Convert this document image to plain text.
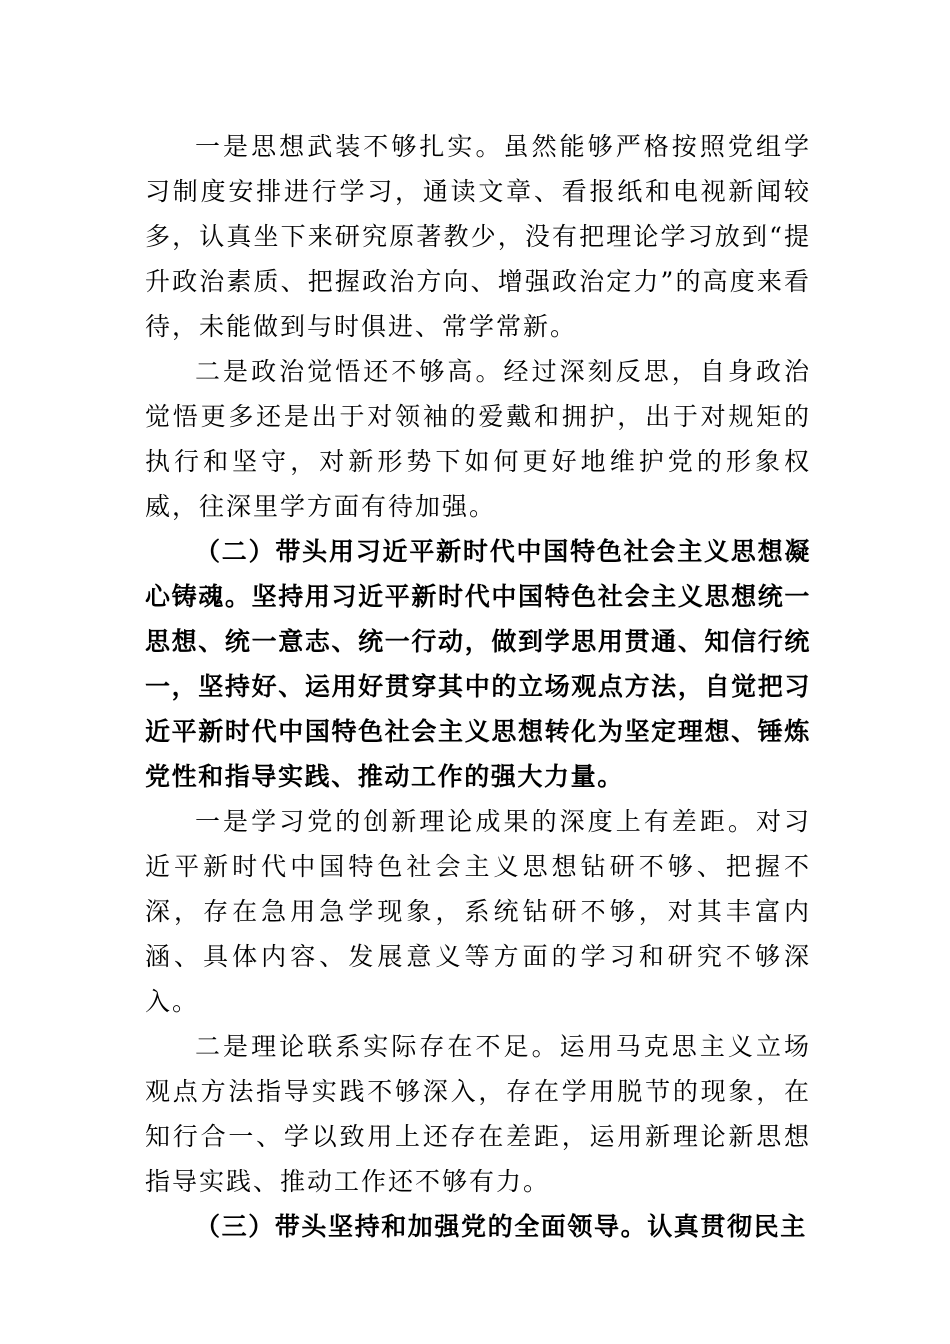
一是思想武装不够扎实。虽然能够严格按照党组学习制度安排进行学习，通读文章、看报纸和电视新闻较多，认真坐下来研究原著教少，没有把理论学习放到“提升政治素质、把握政治方向、增强政治定力”的高度来看待，未能做到与时俱进、常学常新。

二是政治觉悟还不够高。经过深刻反思，自身政治觉悟更多还是出于对领袖的爱戴和拥护，出于对规矩的执行和坚守，对新形势下如何更好地维护党的形象权威，往深里学方面有待加强。

（二）带头用习近平新时代中国特色社会主义思想凝心铸魂。坚持用习近平新时代中国特色社会主义思想统一思想、统一意志、统一行动，做到学思用贯通、知信行统一，坚持好、运用好贯穿其中的立场观点方法，自觉把习近平新时代中国特色社会主义思想转化为坚定理想、锤炼党性和指导实践、推动工作的强大力量。

一是学习党的创新理论成果的深度上有差距。对习近平新时代中国特色社会主义思想钻研不够、把握不深，存在急用急学现象，系统钻研不够，对其丰富内涵、具体内容、发展意义等方面的学习和研究不够深入。

二是理论联系实际存在不足。运用马克思主义立场观点方法指导实践不够深入，存在学用脱节的现象，在知行合一、学以致用上还存在差距，运用新理论新思想指导实践、推动工作还不够有力。

（三）带头坚持和加强党的全面领导。认真贯彻民主
